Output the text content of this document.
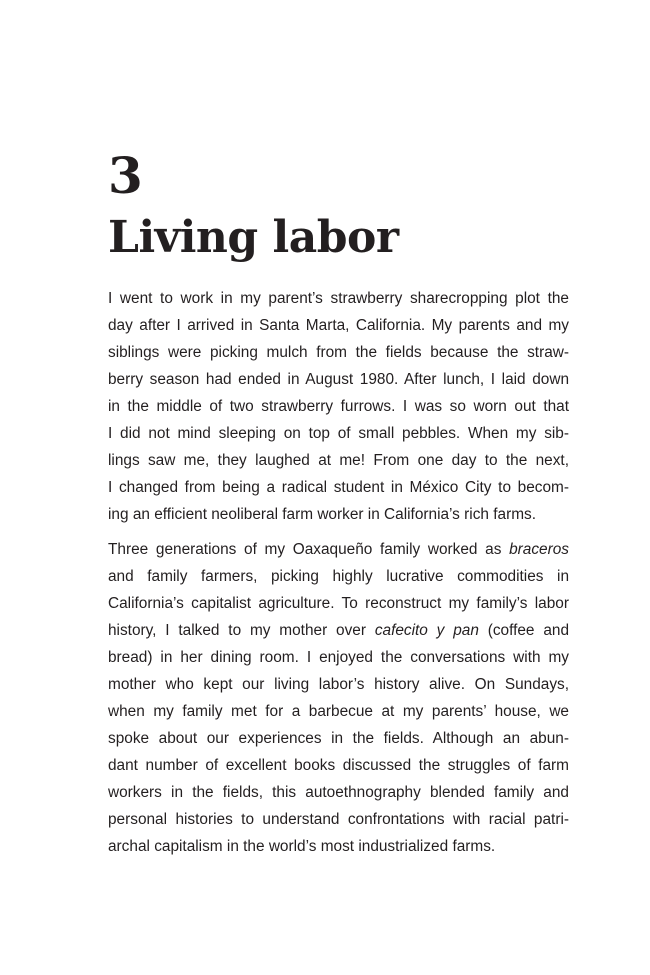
3
Living labor
I went to work in my parent’s strawberry sharecropping plot the
day after I arrived in Santa Marta, California. My parents and my
siblings were picking mulch from the fields because the straw-
berry season had ended in August 1980. After lunch, I laid down
in the middle of two strawberry furrows. I was so worn out that
I did not mind sleeping on top of small pebbles. When my sib-
lings saw me, they laughed at me! From one day to the next,
I changed from being a radical student in México City to becom-
ing an efficient neoliberal farm worker in California’s rich farms.
Three generations of my Oaxaqueño family worked as braceros
and family farmers, picking highly lucrative commodities in
California’s capitalist agriculture. To reconstruct my family’s labor
history, I talked to my mother over cafecito y pan (coffee and
bread) in her dining room. I enjoyed the conversations with my
mother who kept our living labor’s history alive. On Sundays,
when my family met for a barbecue at my parents’ house, we
spoke about our experiences in the fields. Although an abun-
dant number of excellent books discussed the struggles of farm
workers in the fields, this autoethnography blended family and
personal histories to understand confrontations with racial patri-
archal capitalism in the world’s most industrialized farms.
